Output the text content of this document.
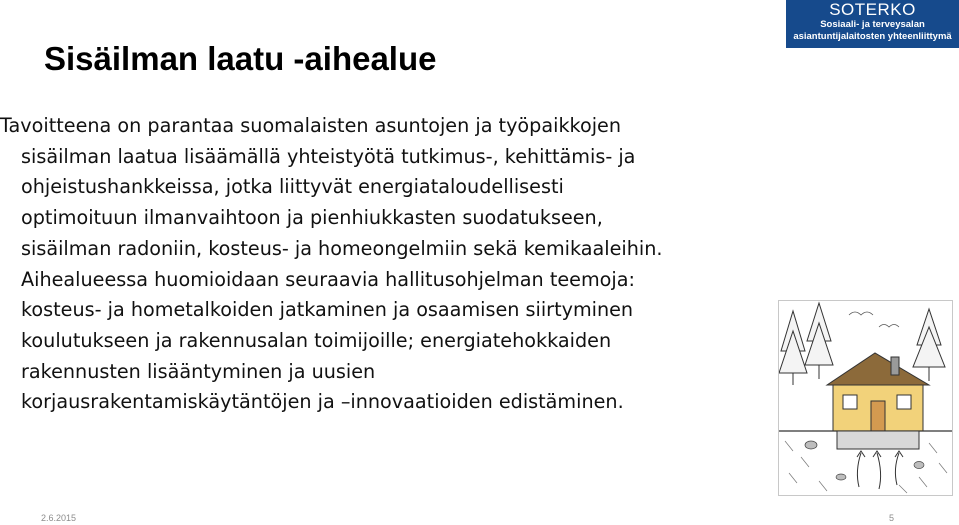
SOTERKO
Sosiaali- ja terveysalan
asiantuntijalaitosten yhteenliittymä
Sisäilman laatu -aihealue
Tavoitteena on parantaa suomalaisten asuntojen ja työpaikkojen
sisäilman laatua lisäämällä yhteistyötä tutkimus-, kehittämis- ja
ohjeistushankkeissa, jotka liittyvät energiataloudellisesti
optimoituun ilmanvaihtoon ja pienhiukkasten suodatukseen,
sisäilman radoniin, kosteus- ja homeongelmiin sekä kemikaaleihin.
Aihealueessa huomioidaan seuraavia hallitusohjelman teemoja:
kosteus- ja hometalkoiden jatkaminen ja osaamisen siirtyminen
koulutukseen ja rakennusalan toimijoille; energiatehokkaiden
rakennusten lisääntyminen ja uusien
korjausrakentamiskäytäntöjen ja –innovaatioiden edistäminen.
2.6.2015	5
